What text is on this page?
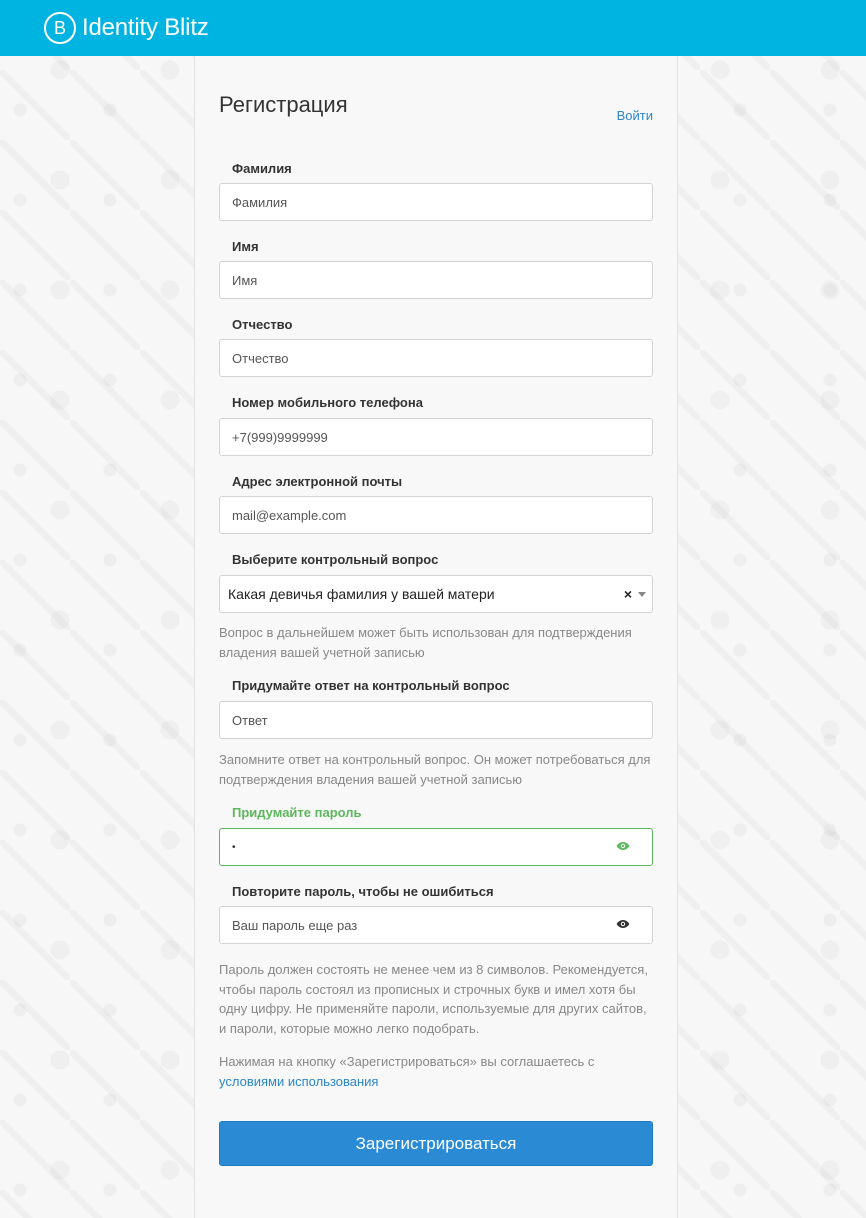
B Identity Blitz
Регистрация	Войти
Фамилия
Фамилия
Имя
Имя
Отчество
Отчество
Номер мобильного телефона
+7(999)9999999
Адрес электронной почты
mail@example.com
Выберите контрольный вопрос
Какая девичья фамилия у вашей матери	×
Вопрос в дальнейшем может быть использован для подтверждения владения вашей учетной записью
Придумайте ответ на контрольный вопрос
Ответ
Запомните ответ на контрольный вопрос. Он может потребоваться для подтверждения владения вашей учетной записью
Придумайте пароль
•
Повторите пароль, чтобы не ошибиться
Ваш пароль еще раз
Пароль должен состоять не менее чем из 8 символов. Рекомендуется, чтобы пароль состоял из прописных и строчных букв и имел хотя бы одну цифру. Не применяйте пароли, используемые для других сайтов, и пароли, которые можно легко подобрать.
Нажимая на кнопку «Зарегистрироваться» вы соглашаетесь с условиями использования
Зарегистрироваться
